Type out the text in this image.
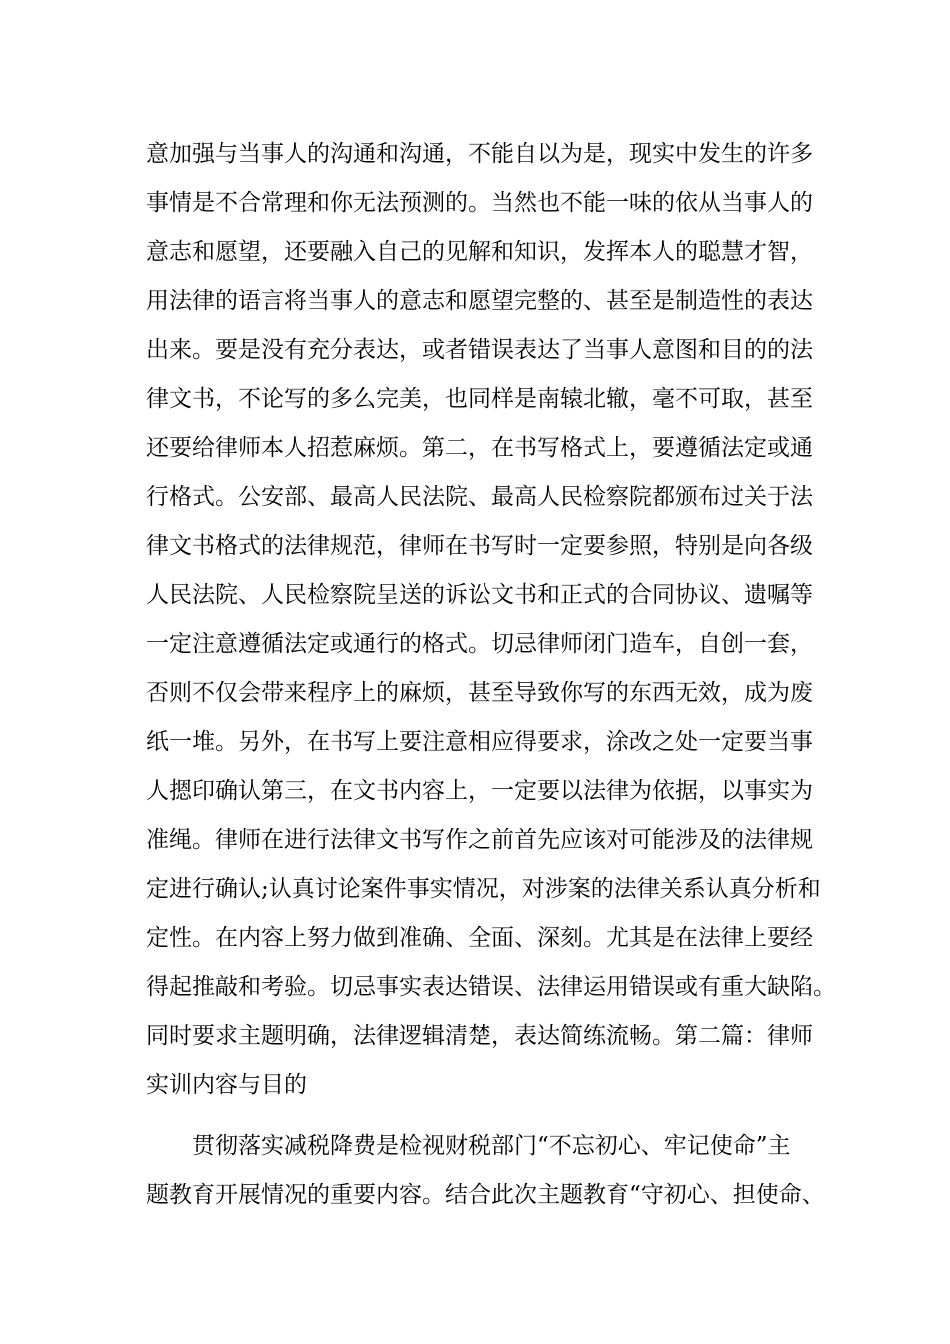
意加强与当事人的沟通和沟通，不能自以为是，现实中发生的许多
事情是不合常理和你无法预测的。当然也不能一味的依从当事人的
意志和愿望，还要融入自己的见解和知识，发挥本人的聪慧才智，
用法律的语言将当事人的意志和愿望完整的、甚至是制造性的表达
出来。要是没有充分表达，或者错误表达了当事人意图和目的的法
律文书，不论写的多么完美，也同样是南辕北辙，毫不可取，甚至
还要给律师本人招惹麻烦。第二，在书写格式上，要遵循法定或通
行格式。公安部、最高人民法院、最高人民检察院都颁布过关于法
律文书格式的法律规范，律师在书写时一定要参照，特别是向各级
人民法院、人民检察院呈送的诉讼文书和正式的合同协议、遗嘱等
一定注意遵循法定或通行的格式。切忌律师闭门造车，自创一套，
否则不仅会带来程序上的麻烦，甚至导致你写的东西无效，成为废
纸一堆。另外，在书写上要注意相应得要求，涂改之处一定要当事
人摁印确认第三，在文书内容上，一定要以法律为依据，以事实为
准绳。律师在进行法律文书写作之前首先应该对可能涉及的法律规
定进行确认;认真讨论案件事实情况，对涉案的法律关系认真分析和
定性。在内容上努力做到准确、全面、深刻。尤其是在法律上要经
得起推敲和考验。切忌事实表达错误、法律运用错误或有重大缺陷。
同时要求主题明确，法律逻辑清楚，表达简练流畅。第二篇：律师
实训内容与目的
贯彻落实减税降费是检视财税部门“不忘初心、牢记使命”主
题教育开展情况的重要内容。结合此次主题教育“守初心、担使命、
